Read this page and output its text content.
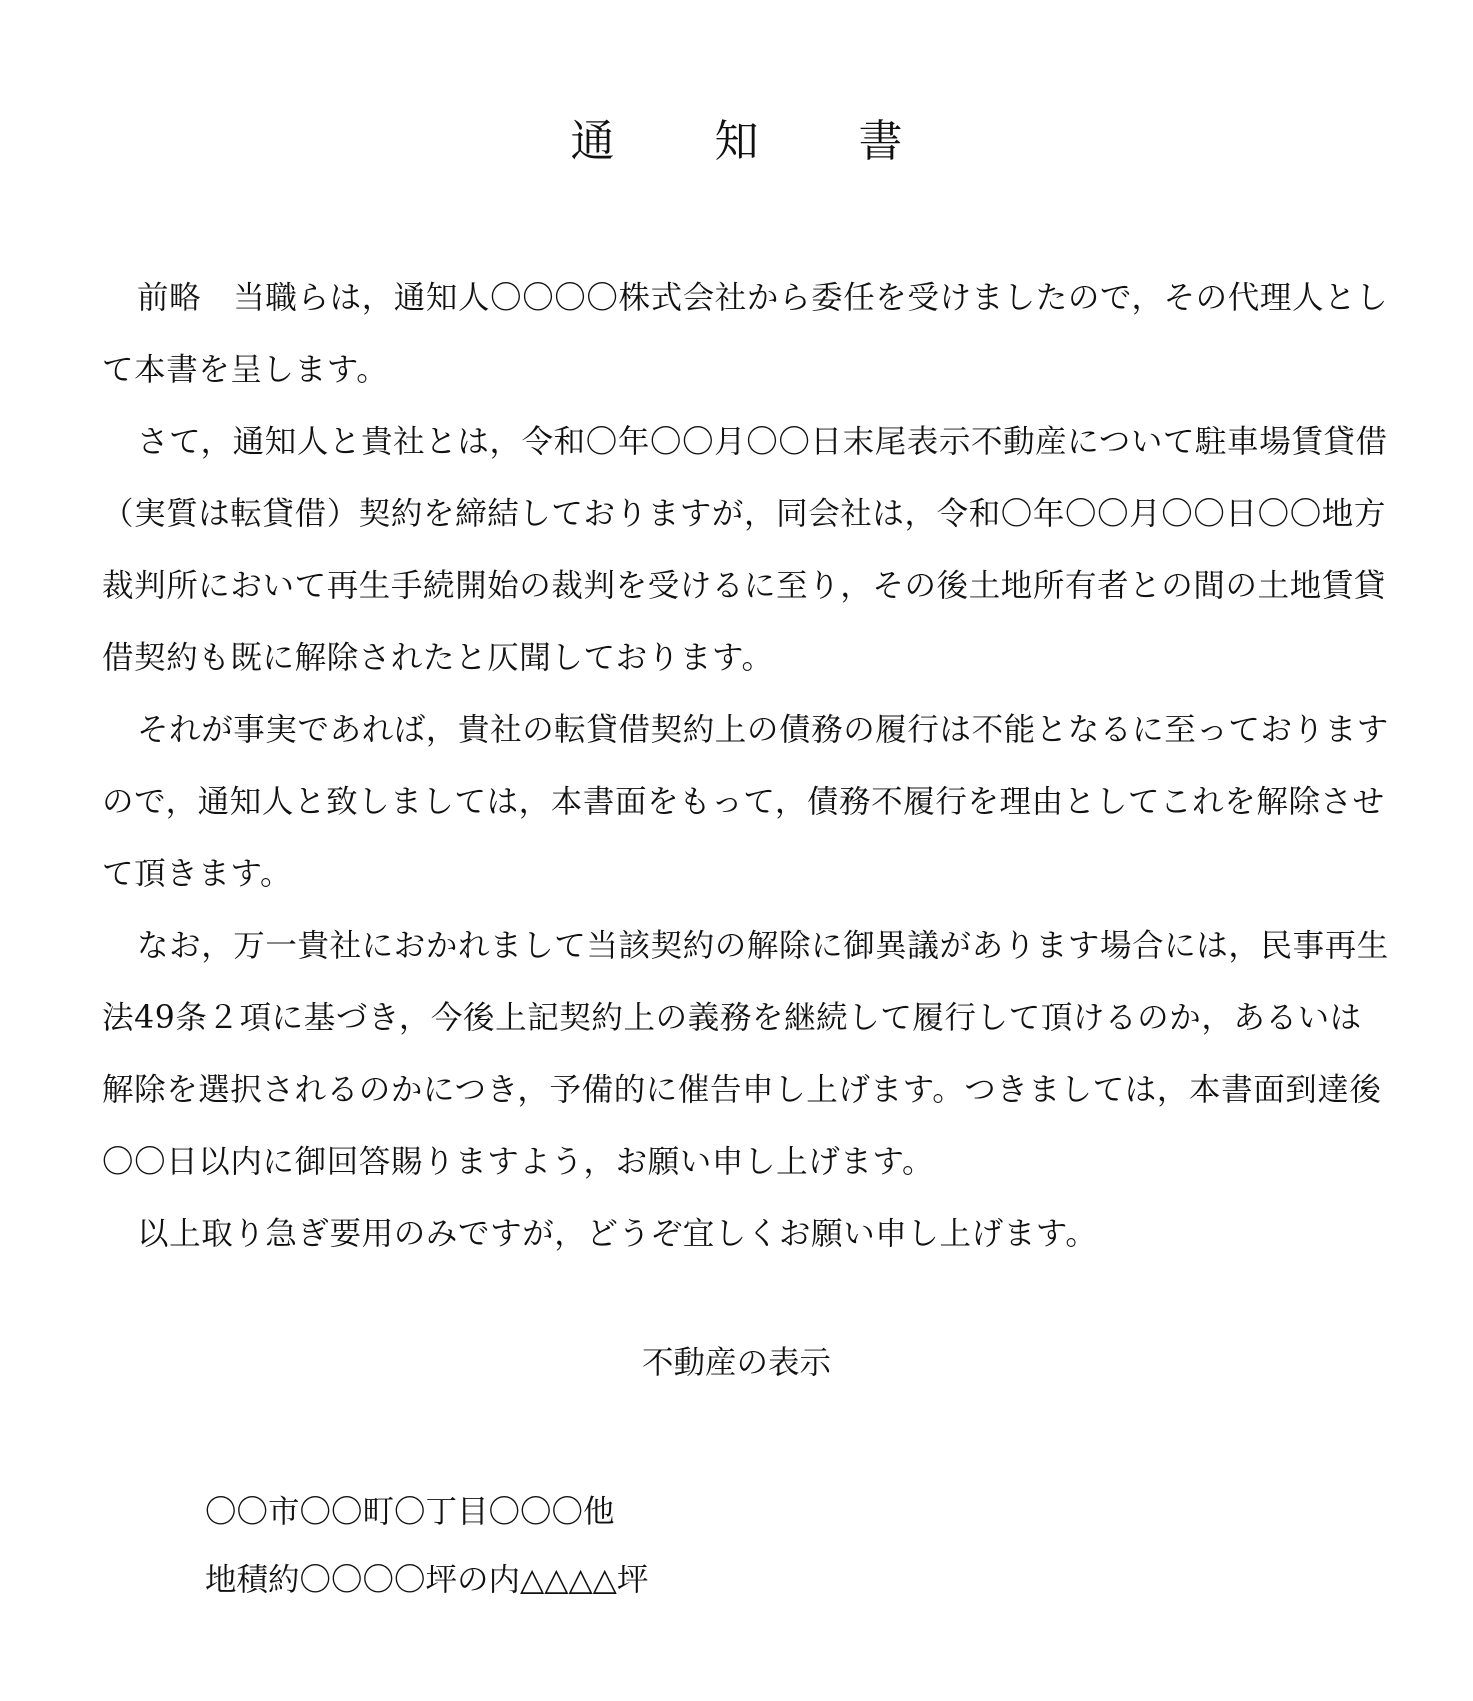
通　知　書

前略　当職らは，通知人〇〇〇〇株式会社から委任を受けましたので，その代理人として本書を呈します。

さて，通知人と貴社とは，令和〇年〇〇月〇〇日末尾表示不動産について駐車場賃貸借（実質は転貸借）契約を締結しておりますが，同会社は，令和〇年〇〇月〇〇日〇〇地方裁判所において再生手続開始の裁判を受けるに至り，その後土地所有者との間の土地賃貸借契約も既に解除されたと仄聞しております。

それが事実であれば，貴社の転貸借契約上の債務の履行は不能となるに至っておりますので，通知人と致しましては，本書面をもって，債務不履行を理由としてこれを解除させて頂きます。

なお，万一貴社におかれまして当該契約の解除に御異議があります場合には，民事再生法49条２項に基づき，今後上記契約上の義務を継続して履行して頂けるのか，あるいは解除を選択されるのかにつき，予備的に催告申し上げます。つきましては，本書面到達後〇〇日以内に御回答賜りますよう，お願い申し上げます。

以上取り急ぎ要用のみですが，どうぞ宜しくお願い申し上げます。

不動産の表示

〇〇市〇〇町〇丁目〇〇〇他

地積約〇〇〇〇坪の内△△△△坪
